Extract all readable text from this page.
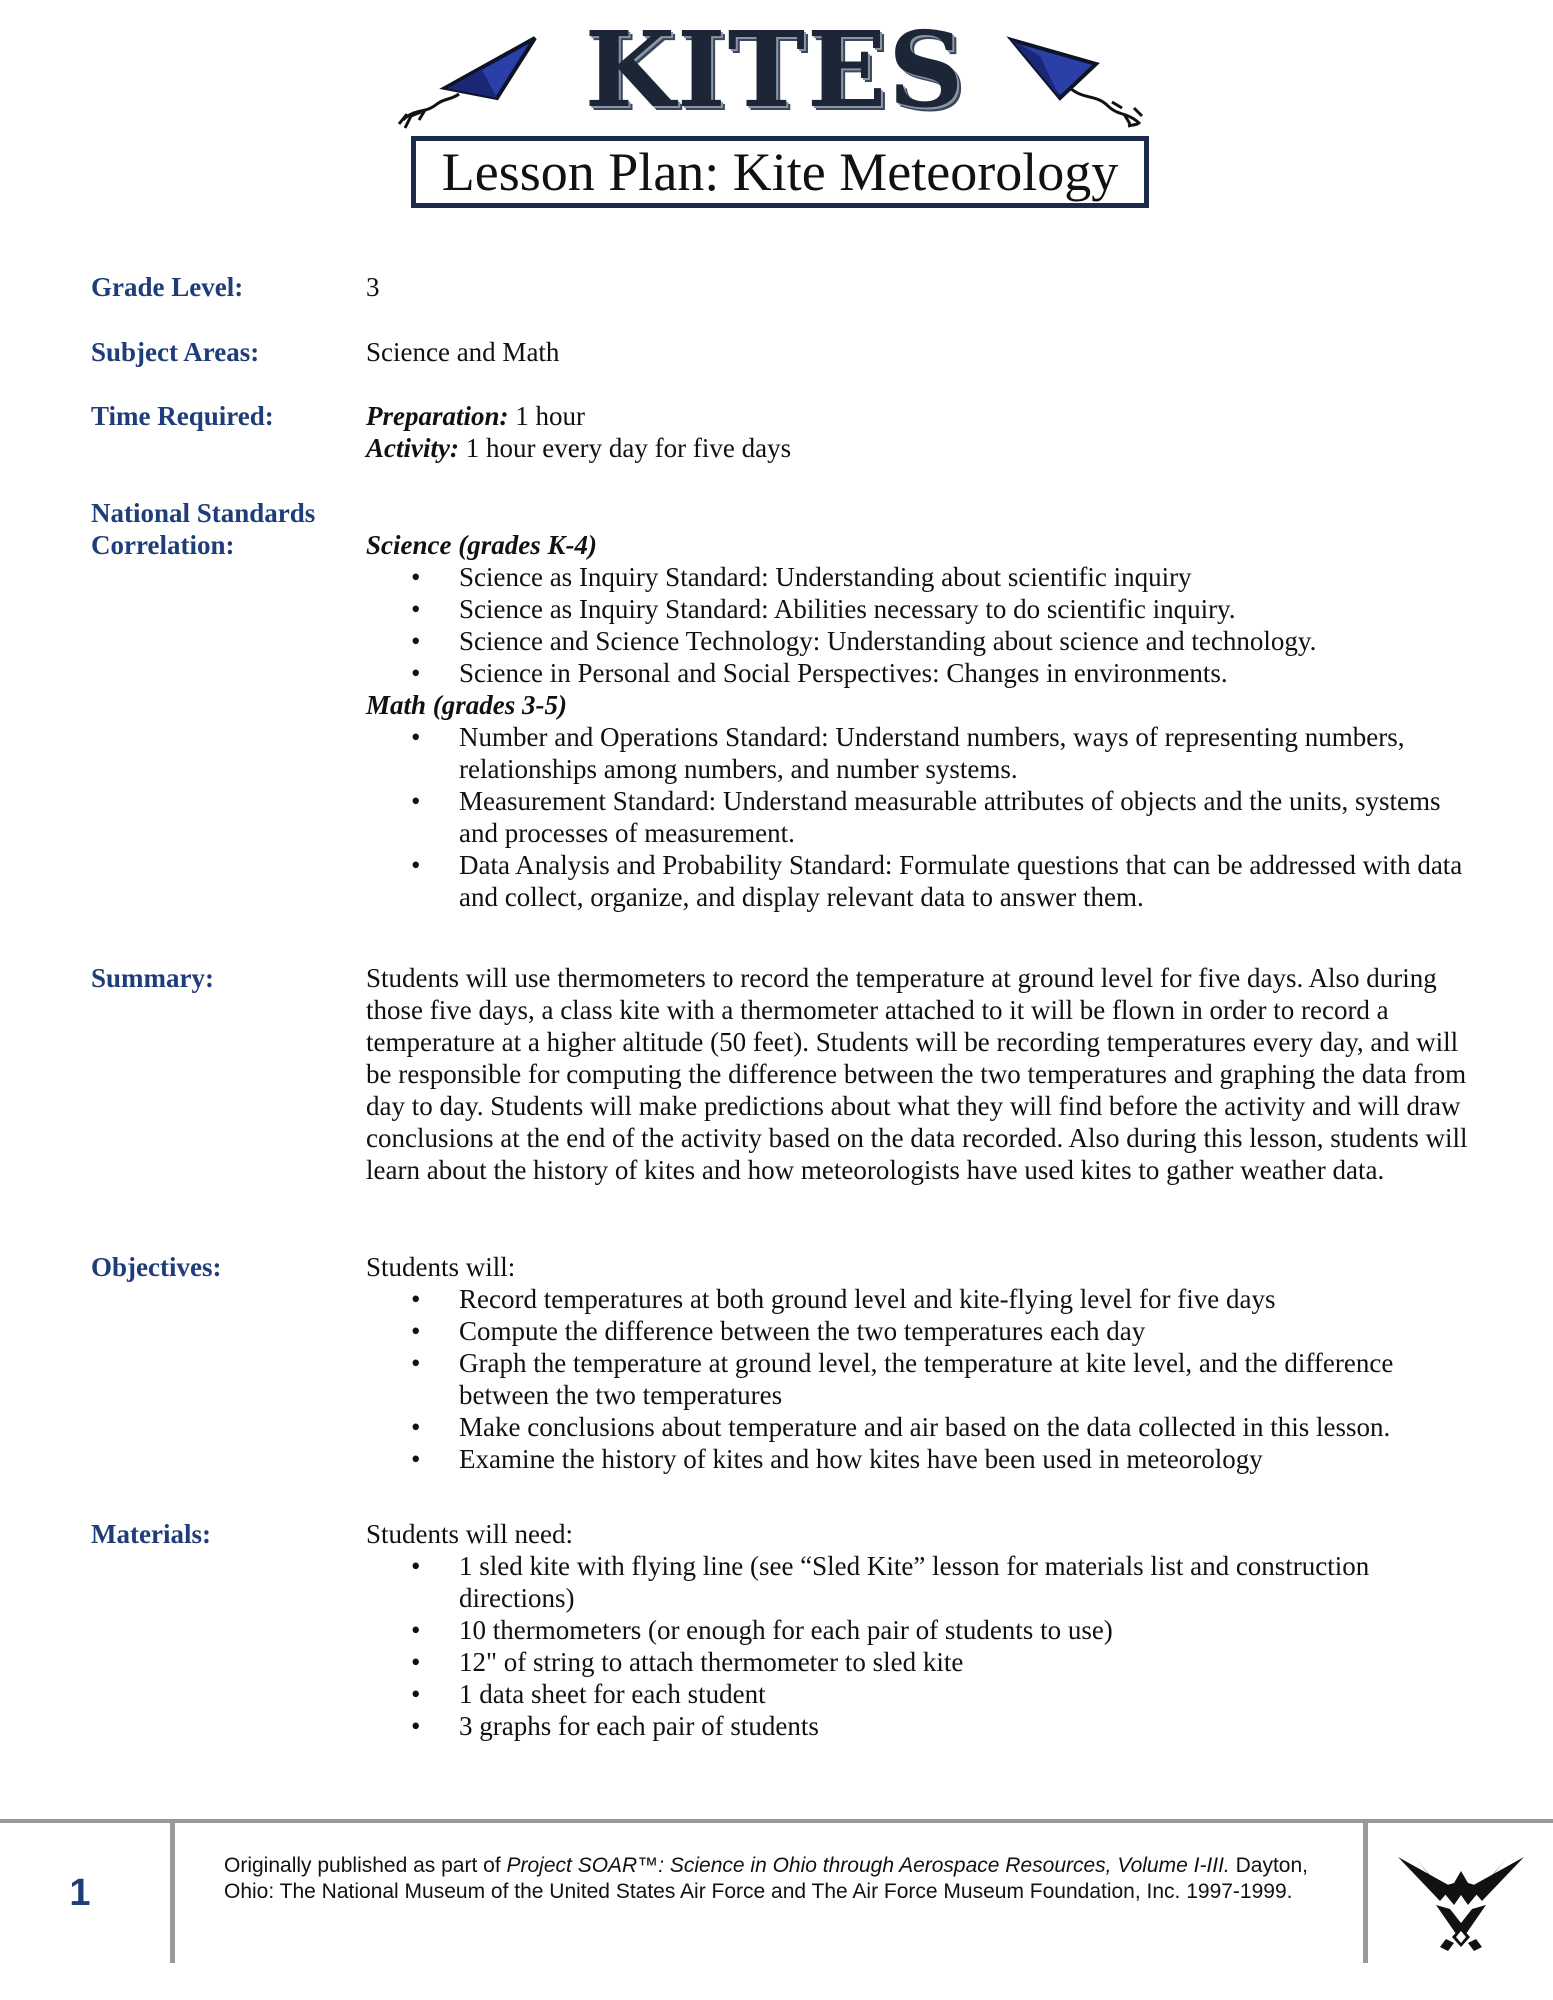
KITES
Lesson Plan: Kite Meteorology
Grade Level:	3
Subject Areas:	Science and Math
Time Required:	Preparation: 1 hour

Activity: 1 hour every day for five days

National Standards
Correlation:	Science (grades K-4)

• Science as Inquiry Standard: Understanding about scientific inquiry
• Science as Inquiry Standard: Abilities necessary to do scientific inquiry.
• Science and Science Technology: Understanding about science and technology.
• Science in Personal and Social Perspectives: Changes in environments.

Math (grades 3-5)

• Number and Operations Standard: Understand numbers, ways of representing numbers, relationships among numbers, and number systems.
• Measurement Standard: Understand measurable attributes of objects and the units, systems and processes of measurement.
• Data Analysis and Probability Standard: Formulate questions that can be addressed with data and collect, organize, and display relevant data to answer them.
Summary:	Students will use thermometers to record the temperature at ground level for five days. Also during those five days, a class kite with a thermometer attached to it will be flown in order to record a temperature at a higher altitude (50 feet). Students will be recording temperatures every day, and will be responsible for computing the difference between the two temperatures and graphing the data from day to day. Students will make predictions about what they will find before the activity and will draw conclusions at the end of the activity based on the data recorded. Also during this lesson, students will learn about the history of kites and how meteorologists have used kites to gather weather data.
Objectives:	Students will:

• Record temperatures at both ground level and kite-flying level for five days
• Compute the difference between the two temperatures each day
• Graph the temperature at ground level, the temperature at kite level, and the difference between the two temperatures
• Make conclusions about temperature and air based on the data collected in this lesson.
• Examine the history of kites and how kites have been used in meteorology
Materials:	Students will need:

• 1 sled kite with flying line (see “Sled Kite” lesson for materials list and construction directions)
• 10 thermometers (or enough for each pair of students to use)
• 12" of string to attach thermometer to sled kite
• 1 data sheet for each student
• 3 graphs for each pair of students
1
Originally published as part of Project SOAR™: Science in Ohio through Aerospace Resources, Volume I-III. Dayton, Ohio: The National Museum of the United States Air Force and The Air Force Museum Foundation, Inc. 1997-1999.
